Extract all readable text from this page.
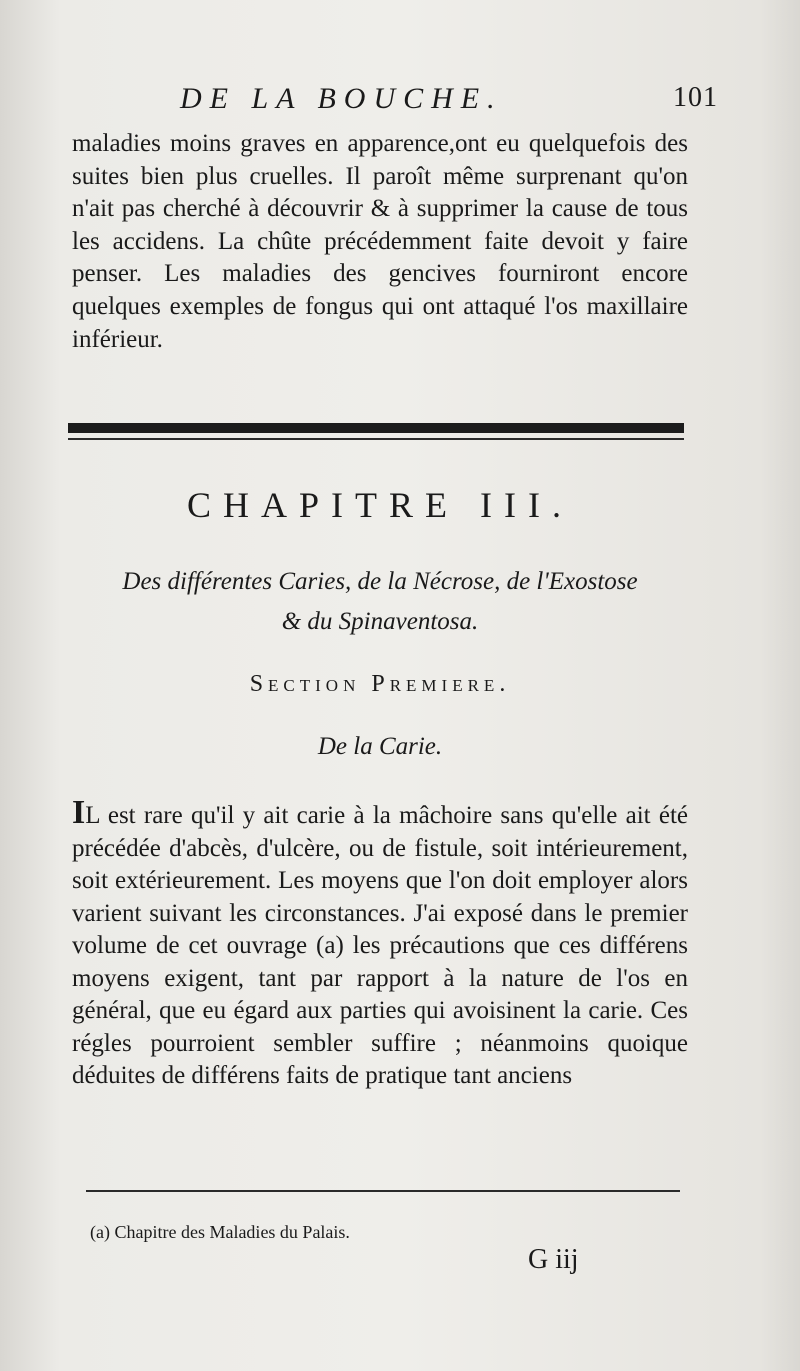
DE LA BOUCHE.	101

maladies moins graves en apparence,ont eu quelquefois des suites bien plus cruelles. Il paroît même surprenant qu'on n'ait pas cherché à découvrir & à supprimer la cause de tous les accidens. La chûte précédemment faite devoit y faire penser. Les maladies des gencives fourniront encore quelques exemples de fongus qui ont attaqué l'os maxillaire inférieur.

CHAPITRE III.
Des différentes Caries, de la Nécrose, de l'Exostose
& du Spinaventosa.
Section Premiere.
De la Carie.

IL est rare qu'il y ait carie à la mâchoire sans qu'elle ait été précédée d'abcès, d'ulcère, ou de fistule, soit intérieurement, soit extérieurement. Les moyens que l'on doit employer alors varient suivant les circonstances. J'ai exposé dans le premier volume de cet ouvrage (a) les précautions que ces différens moyens exigent, tant par rapport à la nature de l'os en général, que eu égard aux parties qui avoisinent la carie. Ces régles pourroient sembler suffire ; néanmoins quoique déduites de différens faits de pratique tant anciens

(a) Chapitre des Maladies du Palais.
G iij
